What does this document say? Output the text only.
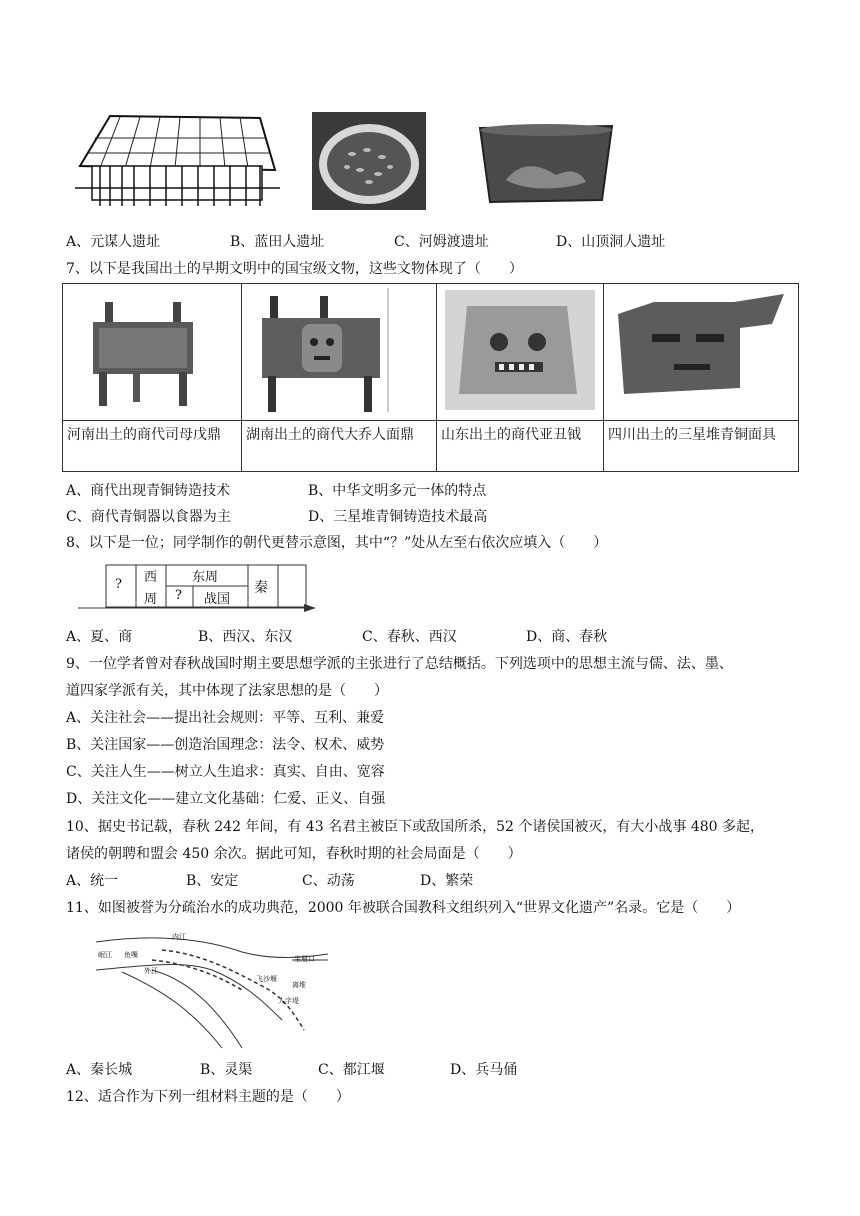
A、元谋人遗址	B、蓝田人遗址	C、河姆渡遗址	D、山顶洞人遗址
7、以下是我国出土的早期文明中的国宝级文物，这些文物体现了（　　）

河南出土的商代司母戊鼎	湖南出土的商代大乔人面鼎	山东出土的商代亚丑钺	四川出土的三星堆青铜面具
A、商代出现青铜铸造技术	B、中华文明多元一体的特点
C、商代青铜器以食器为主	D、三星堆青铜铸造技术最高
8、以下是一位；同学制作的朝代更替示意图，其中“？”处从左至右依次应填入（　　）
? 西
周
东周
? 战国
秦
A、夏、商	B、西汉、东汉	C、春秋、西汉	D、商、春秋
9、一位学者曾对春秋战国时期主要思想学派的主张进行了总结概括。下列选项中的思想主流与儒、法、墨、
道四家学派有关，其中体现了法家思想的是（　　）
A、关注社会——提出社会规则：平等、互利、兼爱
B、关注国家——创造治国理念：法令、权术、威势
C、关注人生——树立人生追求：真实、自由、宽容
D、关注文化——建立文化基础：仁爱、正义、自强
10、据史书记载，春秋 242 年间，有 43 名君主被臣下或敌国所杀，52 个诸侯国被灭，有大小战事 480 多起，
诸侯的朝聘和盟会 450 余次。据此可知，春秋时期的社会局面是（　　）
A、统一	B、安定	C、动荡	D、繁荣
11、如图被誉为分疏治水的成功典范，2000 年被联合国教科文组织列入“世界文化遗产”名录。它是（　　）
内江
岷江 鱼嘴
外江
宝瓶口
飞沙堰
离堆
人字堤
A、秦长城	B、灵渠	C、都江堰	D、兵马俑
12、适合作为下列一组材料主题的是（　　）
